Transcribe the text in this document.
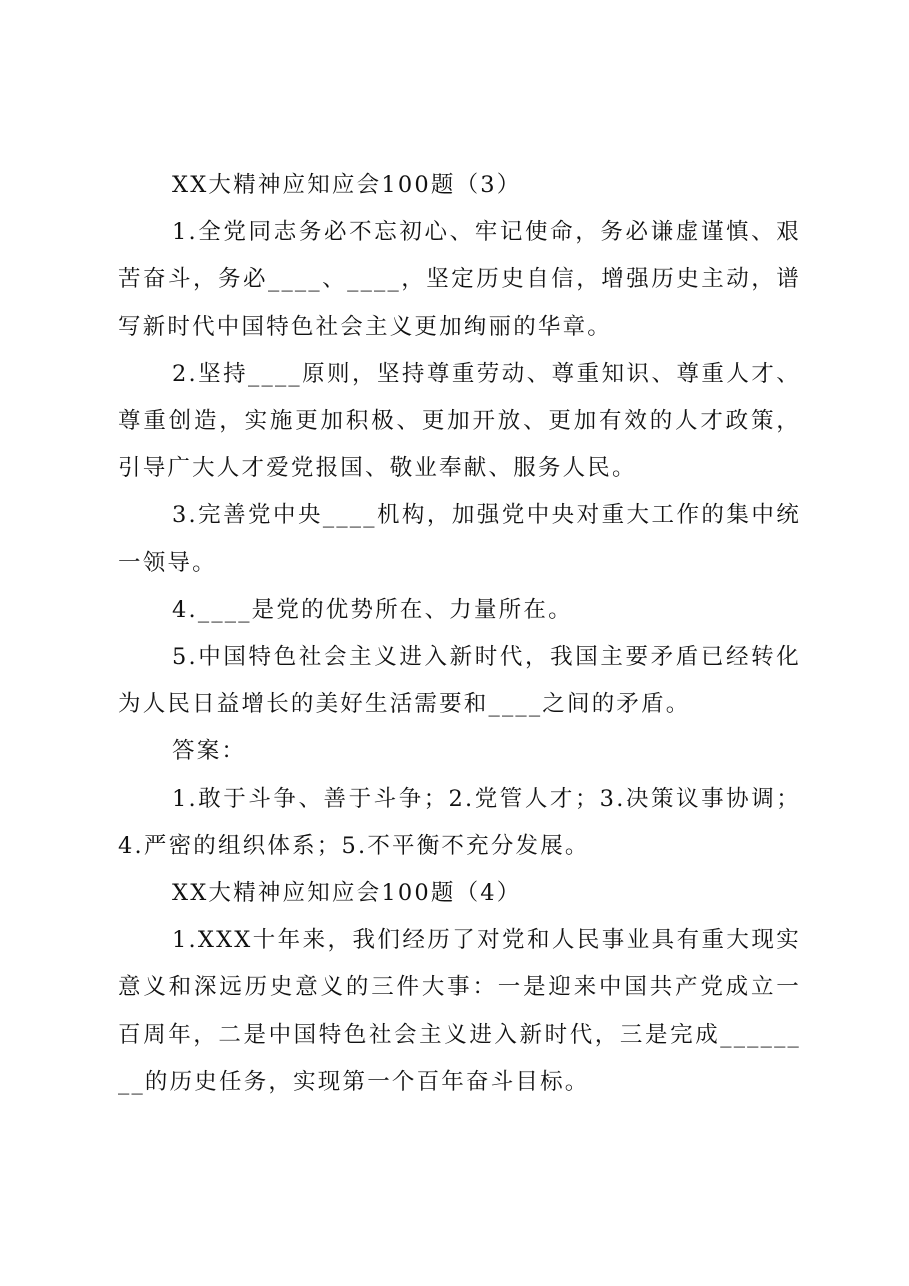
XX大精神应知应会100题（3）

1.全党同志务必不忘初心、牢记使命，务必谦虚谨慎、艰苦奋斗，务必____、____，坚定历史自信，增强历史主动，谱写新时代中国特色社会主义更加绚丽的华章。

2.坚持____原则，坚持尊重劳动、尊重知识、尊重人才、尊重创造，实施更加积极、更加开放、更加有效的人才政策，引导广大人才爱党报国、敬业奉献、服务人民。

3.完善党中央____机构，加强党中央对重大工作的集中统一领导。

4.____是党的优势所在、力量所在。

5.中国特色社会主义进入新时代，我国主要矛盾已经转化为人民日益增长的美好生活需要和____之间的矛盾。

答案：

1.敢于斗争、善于斗争；2.党管人才；3.决策议事协调；4.严密的组织体系；5.不平衡不充分发展。

XX大精神应知应会100题（4）

1.XXX十年来，我们经历了对党和人民事业具有重大现实意义和深远历史意义的三件大事：一是迎来中国共产党成立一百周年，二是中国特色社会主义进入新时代，三是完成________的历史任务，实现第一个百年奋斗目标。
